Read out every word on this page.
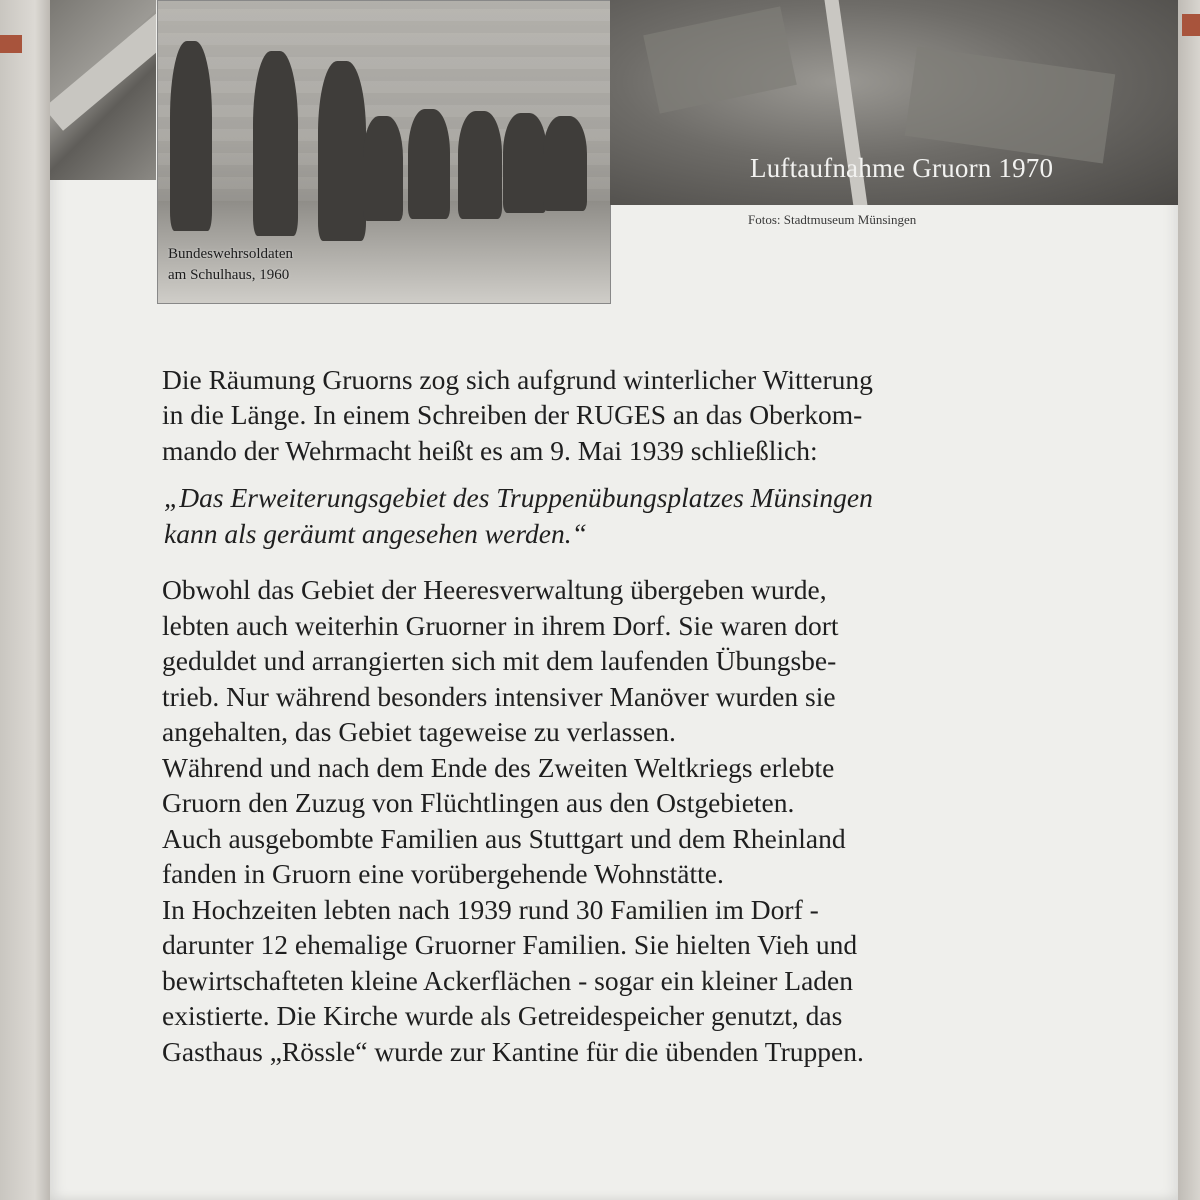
Bundeswehrsoldaten
am Schulhaus, 1960
Luftaufnahme Gruorn 1970
Fotos: Stadtmuseum Münsingen

Die Räumung Gruorns zog sich aufgrund winterlicher Witterung
in die Länge. In einem Schreiben der RUGES an das Oberkom-
mando der Wehrmacht heißt es am 9. Mai 1939 schließlich:

„Das Erweiterungsgebiet des Truppenübungsplatzes Münsingen
kann als geräumt angesehen werden.“

Obwohl das Gebiet der Heeresverwaltung übergeben wurde,
lebten auch weiterhin Gruorner in ihrem Dorf. Sie waren dort
geduldet und arrangierten sich mit dem laufenden Übungsbe-
trieb. Nur während besonders intensiver Manöver wurden sie
angehalten, das Gebiet tageweise zu verlassen.
Während und nach dem Ende des Zweiten Weltkriegs erlebte
Gruorn den Zuzug von Flüchtlingen aus den Ostgebieten.
Auch ausgebombte Familien aus Stuttgart und dem Rheinland
fanden in Gruorn eine vorübergehende Wohnstätte.
In Hochzeiten lebten nach 1939 rund 30 Familien im Dorf -
darunter 12 ehemalige Gruorner Familien. Sie hielten Vieh und
bewirtschafteten kleine Ackerflächen - sogar ein kleiner Laden
existierte. Die Kirche wurde als Getreidespeicher genutzt, das
Gasthaus „Rössle“ wurde zur Kantine für die übenden Truppen.
